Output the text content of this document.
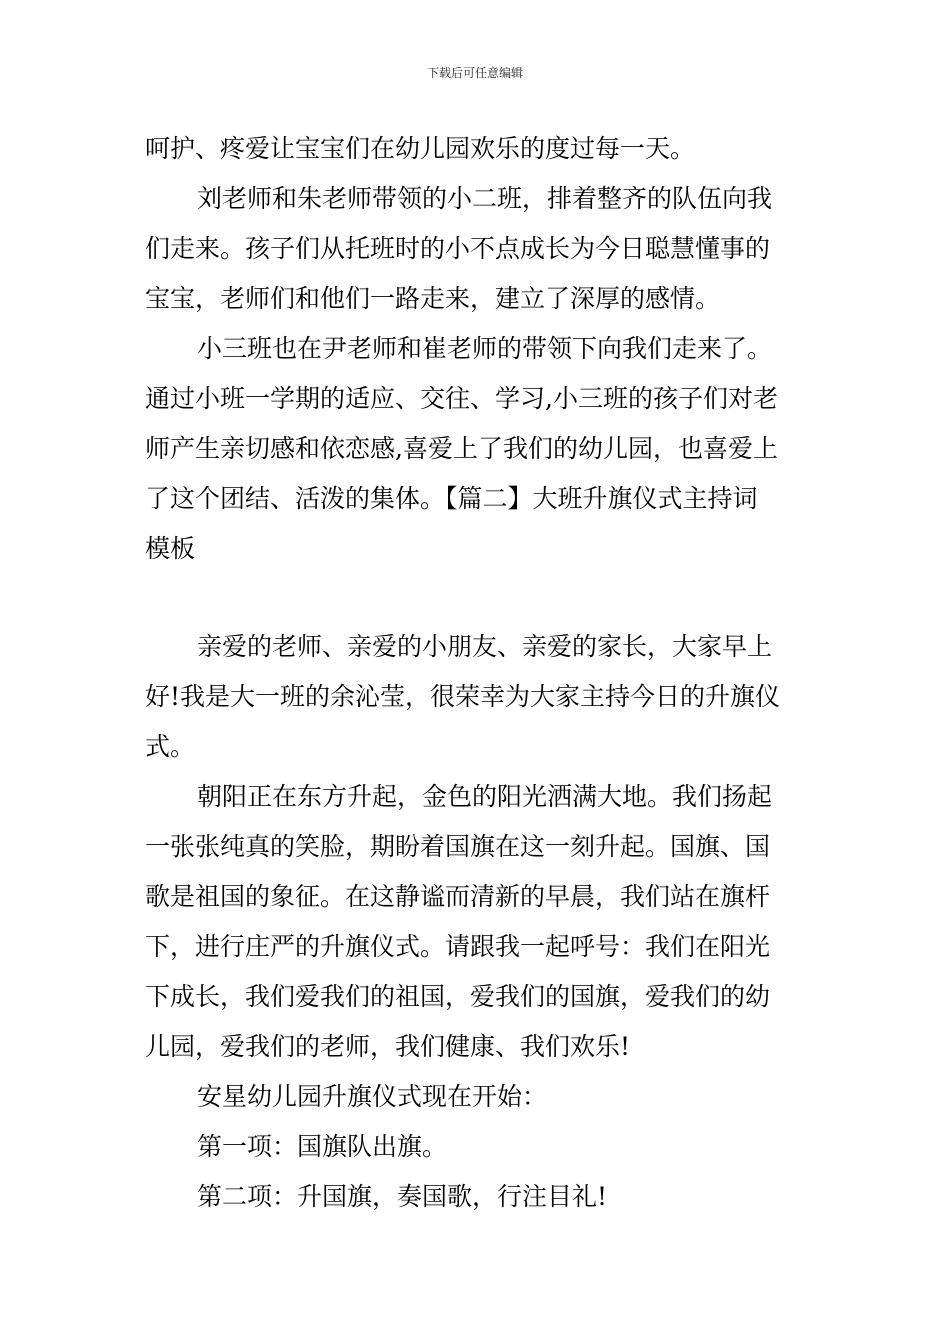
下载后可任意编辑
呵护、疼爱让宝宝们在幼儿园欢乐的度过每一天。
刘老师和朱老师带领的小二班，排着整齐的队伍向我
们走来。孩子们从托班时的小不点成长为今日聪慧懂事的
宝宝，老师们和他们一路走来，建立了深厚的感情。
小三班也在尹老师和崔老师的带领下向我们走来了。
通过小班一学期的适应、交往、学习,小三班的孩子们对老
师产生亲切感和依恋感,喜爱上了我们的幼儿园，也喜爱上
了这个团结、活泼的集体。【篇二】大班升旗仪式主持词
模板
亲爱的老师、亲爱的小朋友、亲爱的家长，大家早上
好!我是大一班的余沁莹，很荣幸为大家主持今日的升旗仪
式。
朝阳正在东方升起，金色的阳光洒满大地。我们扬起
一张张纯真的笑脸，期盼着国旗在这一刻升起。国旗、国
歌是祖国的象征。在这静谧而清新的早晨，我们站在旗杆
下，进行庄严的升旗仪式。请跟我一起呼号：我们在阳光
下成长，我们爱我们的祖国，爱我们的国旗，爱我们的幼
儿园，爱我们的老师，我们健康、我们欢乐!
安星幼儿园升旗仪式现在开始：
第一项：国旗队出旗。
第二项：升国旗，奏国歌，行注目礼!
